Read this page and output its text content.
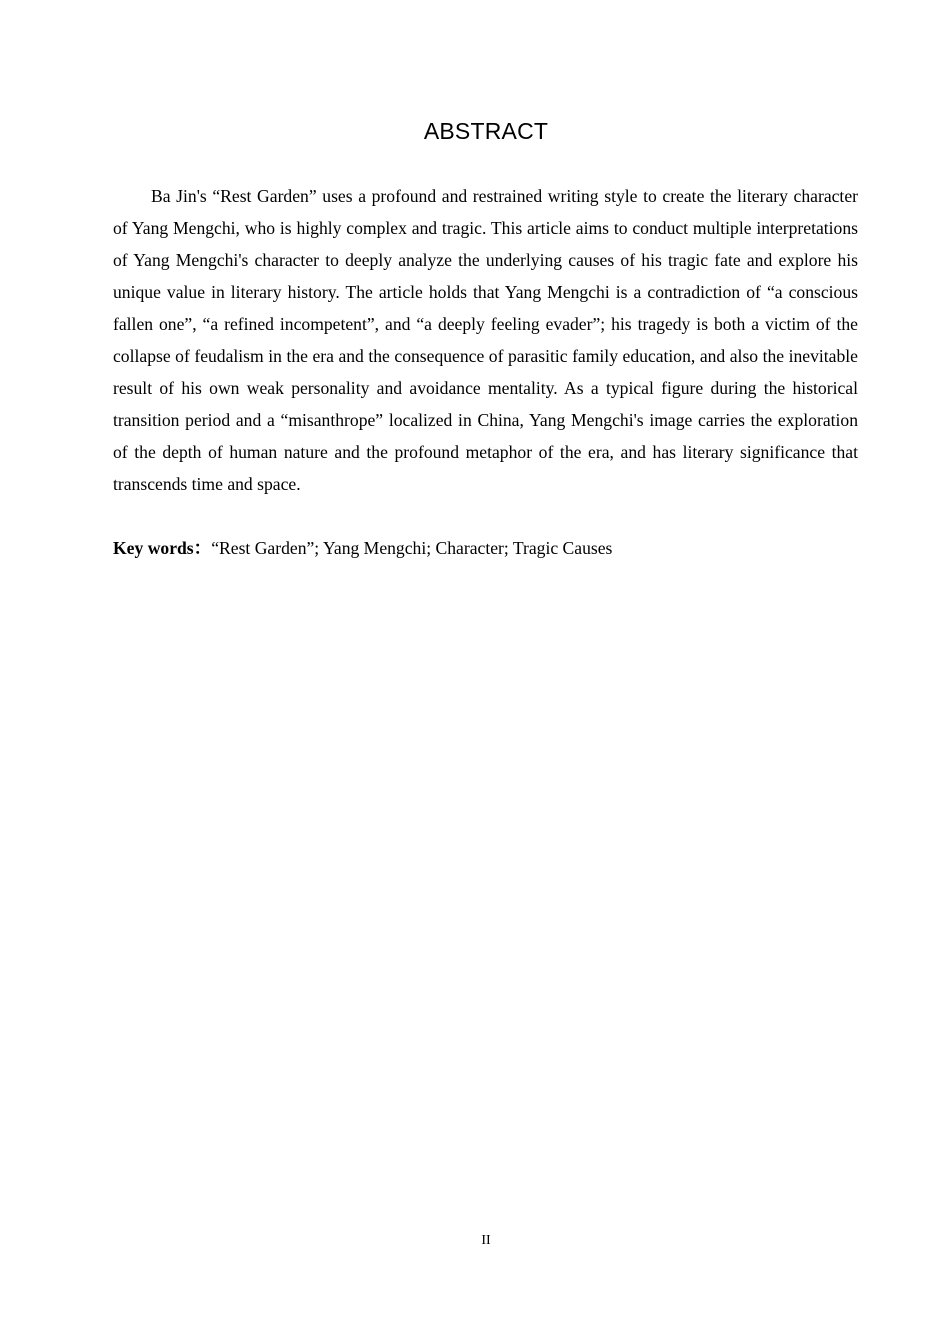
ABSTRACT

Ba Jin's “Rest Garden” uses a profound and restrained writing style to create the literary character of Yang Mengchi, who is highly complex and tragic. This article aims to conduct multiple interpretations of Yang Mengchi's character to deeply analyze the underlying causes of his tragic fate and explore his unique value in literary history. The article holds that Yang Mengchi is a contradiction of “a conscious fallen one”, “a refined incompetent”, and “a deeply feeling evader”; his tragedy is both a victim of the collapse of feudalism in the era and the consequence of parasitic family education, and also the inevitable result of his own weak personality and avoidance mentality. As a typical figure during the historical transition period and a “misanthrope” localized in China, Yang Mengchi's image carries the exploration of the depth of human nature and the profound metaphor of the era, and has literary significance that transcends time and space.

Key words：“Rest Garden”; Yang Mengchi; Character; Tragic Causes

II
